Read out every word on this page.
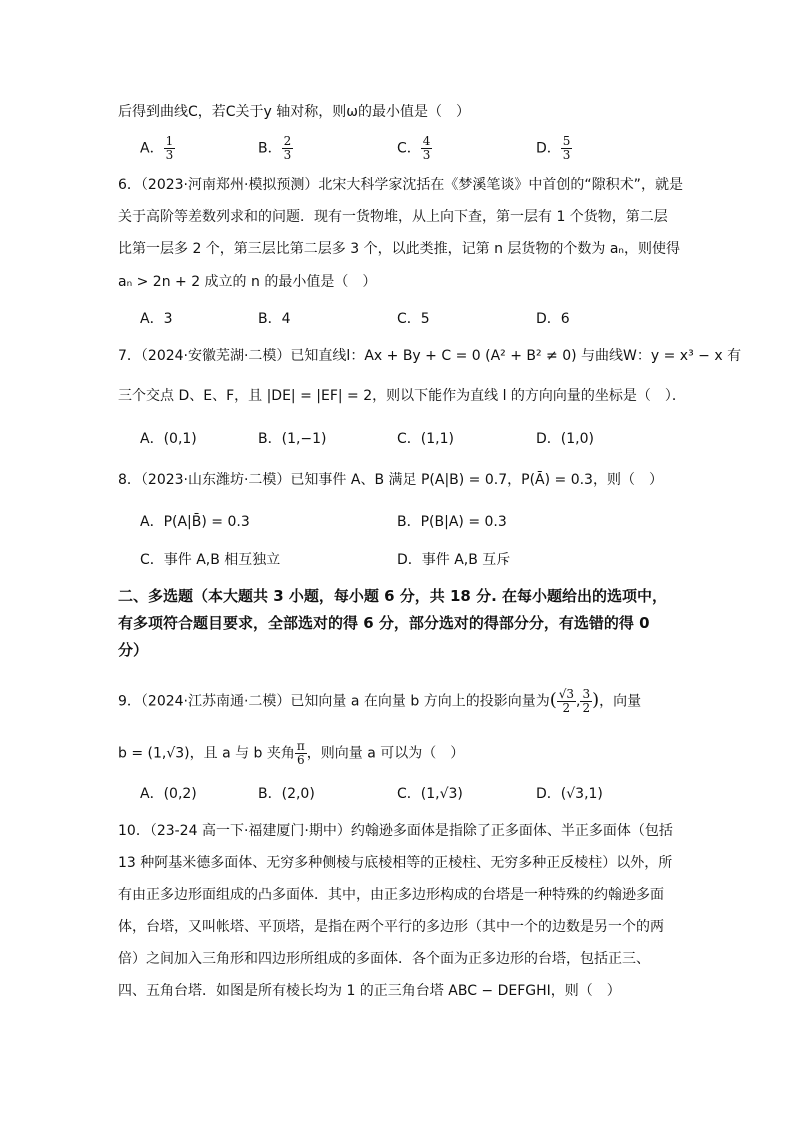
后得到曲线C，若C关于y 轴对称，则ω的最小值是（　）
A． $\frac{1}{3}$	B． $\frac{2}{3}$	C． $\frac{4}{3}$	D． $\frac{5}{3}$
6．（2023·河南郑州·模拟预测）北宋大科学家沈括在《梦溪笔谈》中首创的“隙积术”，就是
关于高阶等差数列求和的问题．现有一货物堆，从上向下查，第一层有 1 个货物，第二层
比第一层多 2 个，第三层比第二层多 3 个，以此类推，记第 n 层货物的个数为 aₙ，则使得
aₙ > 2n + 2 成立的 n 的最小值是（　）
A．3	B．4	C．5	D．6
7．（2024·安徽芜湖·二模）已知直线l：Ax + By + C = 0 (A² + B² ≠ 0) 与曲线W：y = x³ − x 有
三个交点 D、E、F，且 |DE| = |EF| = 2，则以下能作为直线 l 的方向向量的坐标是（　）．
A．(0,1)	B．(1,−1)	C．(1,1)	D．(1,0)
8．（2023·山东潍坊·二模）已知事件 A、B 满足 P(A|B) = 0.7，P(Ā) = 0.3，则（　）
A．P(A|B̄) = 0.3	B．P(B|A) = 0.3
C．事件 A,B 相互独立	D．事件 A,B 互斥
二、多选题（本大题共 3 小题，每小题 6 分，共 18 分. 在每小题给出的选项中，
有多项符合题目要求，全部选对的得 6 分，部分选对的得部分分，有选错的得 0
分）
9．（2024·江苏南通·二模）已知向量 a 在向量 b 方向上的投影向量为( $\frac{√3}{2}$ , $\frac{3}{2}$ )，向量
b = (1,√3)，且 a 与 b 夹角 $\frac{\pi}{6}$ ，则向量 a 可以为（　）
A．(0,2)	B．(2,0)	C．(1,√3)	D．(√3,1)
10．（23-24 高一下·福建厦门·期中）约翰逊多面体是指除了正多面体、半正多面体（包括
13 种阿基米德多面体、无穷多种侧棱与底棱相等的正棱柱、无穷多种正反棱柱）以外，所
有由正多边形面组成的凸多面体．其中，由正多边形构成的台塔是一种特殊的约翰逊多面
体，台塔，又叫帐塔、平顶塔，是指在两个平行的多边形（其中一个的边数是另一个的两
倍）之间加入三角形和四边形所组成的多面体．各个面为正多边形的台塔，包括正三、
四、五角台塔．如图是所有棱长均为 1 的正三角台塔 ABC − DEFGHI，则（　）
